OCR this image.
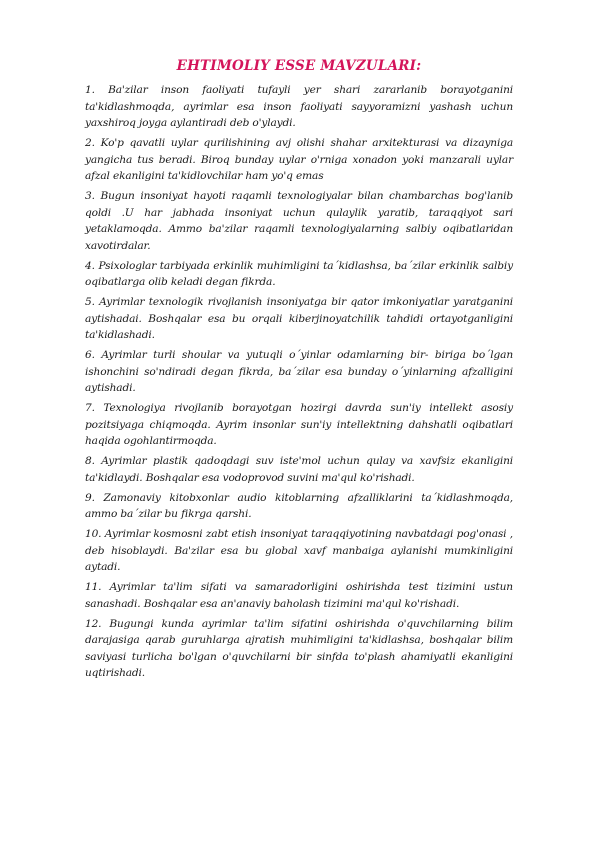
EHTIMOLIY ESSE MAVZULARI:
1. Ba'zilar inson faoliyati tufayli yer shari zararlanib borayotganini ta'kidlashmoqda, ayrimlar esa inson faoliyati sayyoramizni yashash uchun yaxshiroq joyga aylantiradi deb o'ylaydi.
2. Ko'p qavatli uylar qurilishining avj olishi shahar arxitekturasi va dizayniga yangicha tus beradi. Biroq bunday uylar o'rniga xonadon yoki manzarali uylar afzal ekanligini ta'kidlovchilar ham yo'q emas
3. Bugun insoniyat hayoti raqamli texnologiyalar bilan chambarchas bog'lanib qoldi .U har jabhada insoniyat uchun qulaylik yaratib, taraqqiyot sari yetaklamoqda. Ammo ba'zilar raqamli texnologiyalarning salbiy oqibatlaridan xavotirdalar.
4. Psixologlar tarbiyada erkinlik muhimligini ta´kidlashsa, ba´zilar erkinlik salbiy oqibatlarga olib keladi degan fikrda.
5. Ayrimlar texnologik rivojlanish insoniyatga bir qator imkoniyatlar yaratganini aytishadai. Boshqalar esa bu orqali kiberjinoyatchilik tahdidi ortayotganligini ta'kidlashadi.
6. Ayrimlar turli shoular va yutuqli o´yinlar odamlarning bir- biriga bo´lgan ishonchini so'ndiradi degan fikrda, ba´zilar esa bunday o´yinlarning afzalligini aytishadi.
7. Texnologiya rivojlanib borayotgan hozirgi davrda sun'iy intellekt asosiy pozitsiyaga chiqmoqda. Ayrim insonlar sun'iy intellektning dahshatli oqibatlari haqida ogohlantirmoqda.
8. Ayrimlar plastik qadoqdagi suv iste'mol uchun qulay va xavfsiz ekanligini ta'kidlaydi. Boshqalar esa vodoprovod suvini ma'qul ko'rishadi.
9. Zamonaviy kitobxonlar audio kitoblarning afzalliklarini ta´kidlashmoqda, ammo ba´zilar bu fikrga qarshi.
10. Ayrimlar kosmosni zabt etish insoniyat taraqqiyotining navbatdagi pog'onasi , deb hisoblaydi. Ba'zilar esa bu global xavf manbaiga aylanishi mumkinligini aytadi.
11. Ayrimlar ta'lim sifati va samaradorligini oshirishda test tizimini ustun sanashadi. Boshqalar esa an'anaviy baholash tizimini ma'qul ko'rishadi.
12. Bugungi kunda ayrimlar ta'lim sifatini oshirishda o'quvchilarning bilim darajasiga qarab guruhlarga ajratish muhimligini ta'kidlashsa, boshqalar bilim saviyasi turlicha bo'lgan o'quvchilarni bir sinfda to'plash ahamiyatli ekanligini uqtirishadi.
